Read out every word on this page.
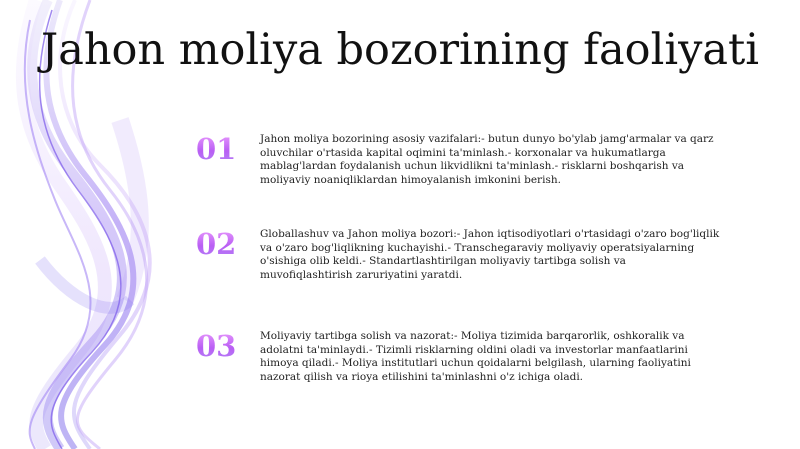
Jahon moliya bozorining faoliyati
01	Jahon moliya bozorining asosiy vazifalari:- butun dunyo bo'ylab jamg'armalar va qarz oluvchilar o'rtasida kapital oqimini ta'minlash.- korxonalar va hukumatlarga mablag'lardan foydalanish uchun likvidlikni ta'minlash.- risklarni boshqarish va moliyaviy noaniqliklardan himoyalanish imkonini berish.

02	Globallashuv va Jahon moliya bozori:- Jahon iqtisodiyotlari o'rtasidagi o'zaro bog'liqlik va o'zaro bog'liqlikning kuchayishi.- Transchegaraviy moliyaviy operatsiyalarning o'sishiga olib keldi.- Standartlashtirilgan moliyaviy tartibga solish va muvofiqlashtirish zaruriyatini yaratdi.

03	Moliyaviy tartibga solish va nazorat:- Moliya tizimida barqarorlik, oshkoralik va adolatni ta'minlaydi.- Tizimli risklarning oldini oladi va investorlar manfaatlarini himoya qiladi.- Moliya institutlari uchun qoidalarni belgilash, ularning faoliyatini nazorat qilish va rioya etilishini ta'minlashni o'z ichiga oladi.
